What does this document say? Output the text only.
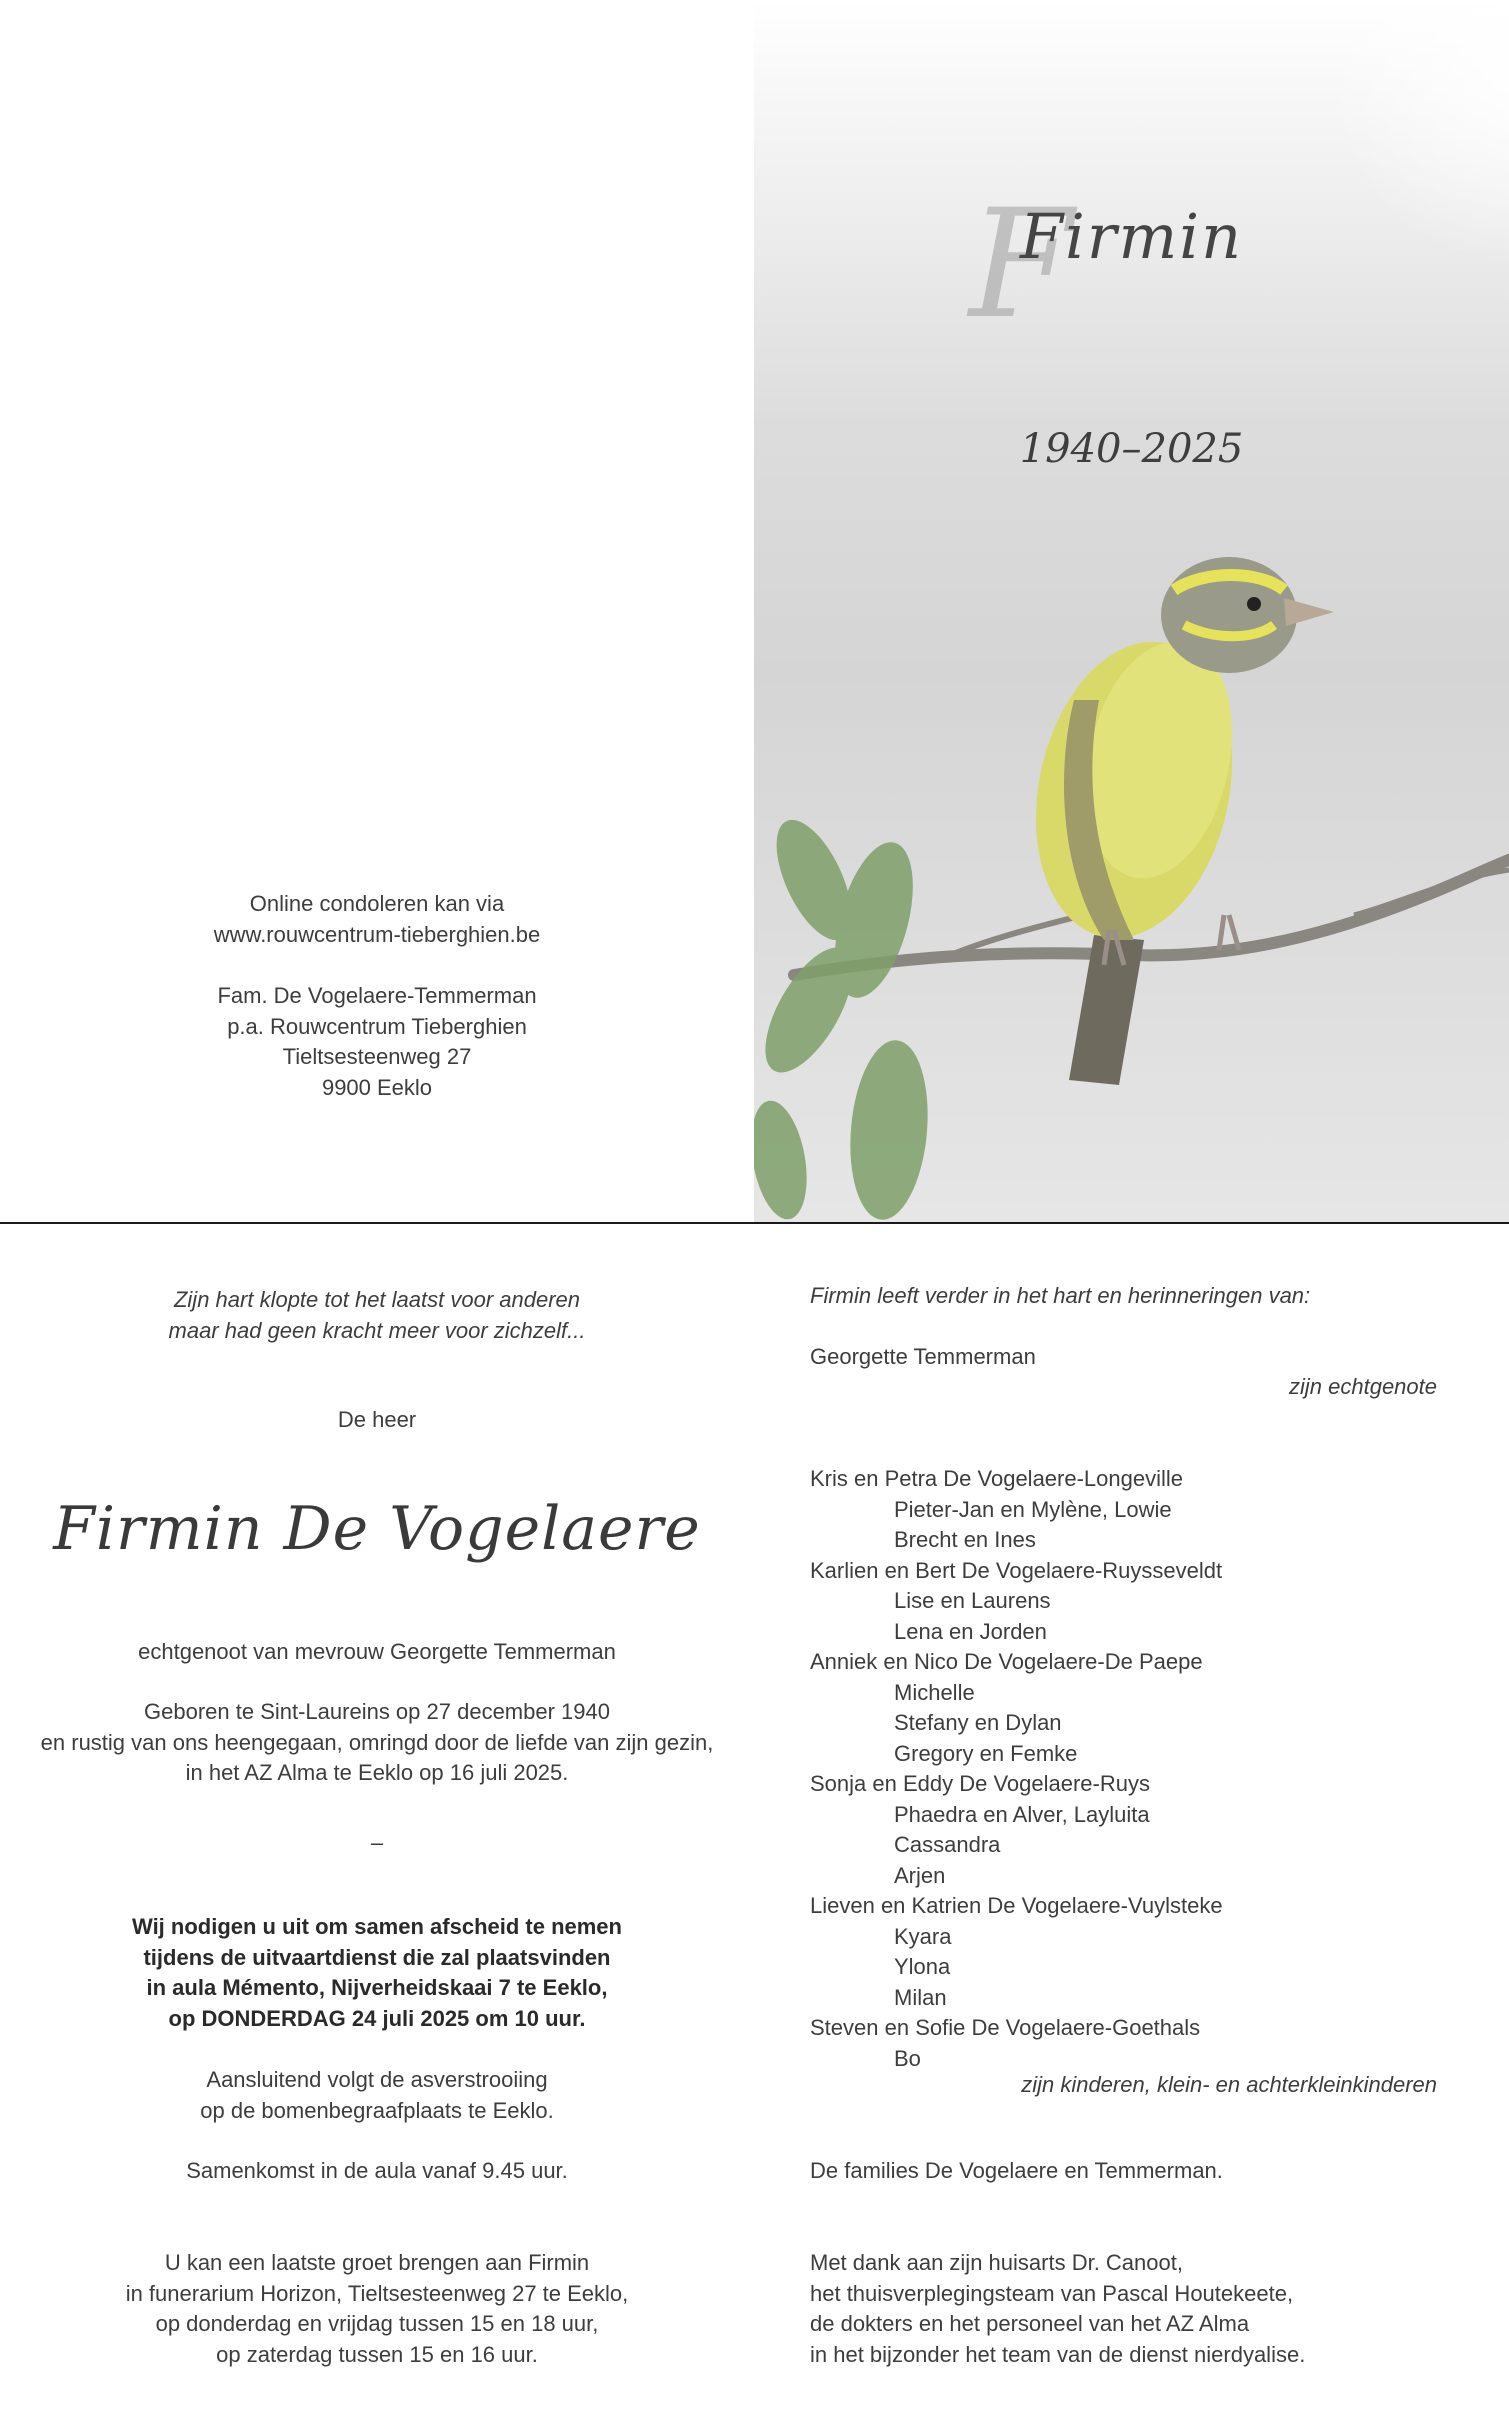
Online condoleren kan via
www.rouwcentrum-tieberghien.be
Fam. De Vogelaere-Temmerman
p.a. Rouwcentrum Tieberghien
Tieltsesteenweg 27
9900 Eeklo
F
Firmin
1940–2025
Zijn hart klopte tot het laatst voor anderen
maar had geen kracht meer voor zichzelf...
De heer
Firmin De Vogelaere
echtgenoot van mevrouw Georgette Temmerman
Geboren te Sint-Laureins op 27 december 1940
en rustig van ons heengegaan, omringd door de liefde van zijn gezin,
in het AZ Alma te Eeklo op 16 juli 2025.
–
Wij nodigen u uit om samen afscheid te nemen
tijdens de uitvaartdienst die zal plaatsvinden
in aula Mémento, Nijverheidskaai 7 te Eeklo,
op DONDERDAG 24 juli 2025 om 10 uur.
Aansluitend volgt de asverstrooiing
op de bomenbegraafplaats te Eeklo.
Samenkomst in de aula vanaf 9.45 uur.
U kan een laatste groet brengen aan Firmin
in funerarium Horizon, Tieltsesteenweg 27 te Eeklo,
op donderdag en vrijdag tussen 15 en 18 uur,
op zaterdag tussen 15 en 16 uur.
Firmin leeft verder in het hart en herinneringen van:
Georgette Temmerman
zijn echtgenote
Kris en Petra De Vogelaere-Longeville
Pieter-Jan en Mylène, Lowie
Brecht en Ines
Karlien en Bert De Vogelaere-Ruysseveldt
Lise en Laurens
Lena en Jorden
Anniek en Nico De Vogelaere-De Paepe
Michelle
Stefany en Dylan
Gregory en Femke
Sonja en Eddy De Vogelaere-Ruys
Phaedra en Alver, Layluita
Cassandra
Arjen
Lieven en Katrien De Vogelaere-Vuylsteke
Kyara
Ylona
Milan
Steven en Sofie De Vogelaere-Goethals
Bo
zijn kinderen, klein- en achterkleinkinderen
De families De Vogelaere en Temmerman.
Met dank aan zijn huisarts Dr. Canoot,
het thuisverplegingsteam van Pascal Houtekeete,
de dokters en het personeel van het AZ Alma
in het bijzonder het team van de dienst nierdyalise.
